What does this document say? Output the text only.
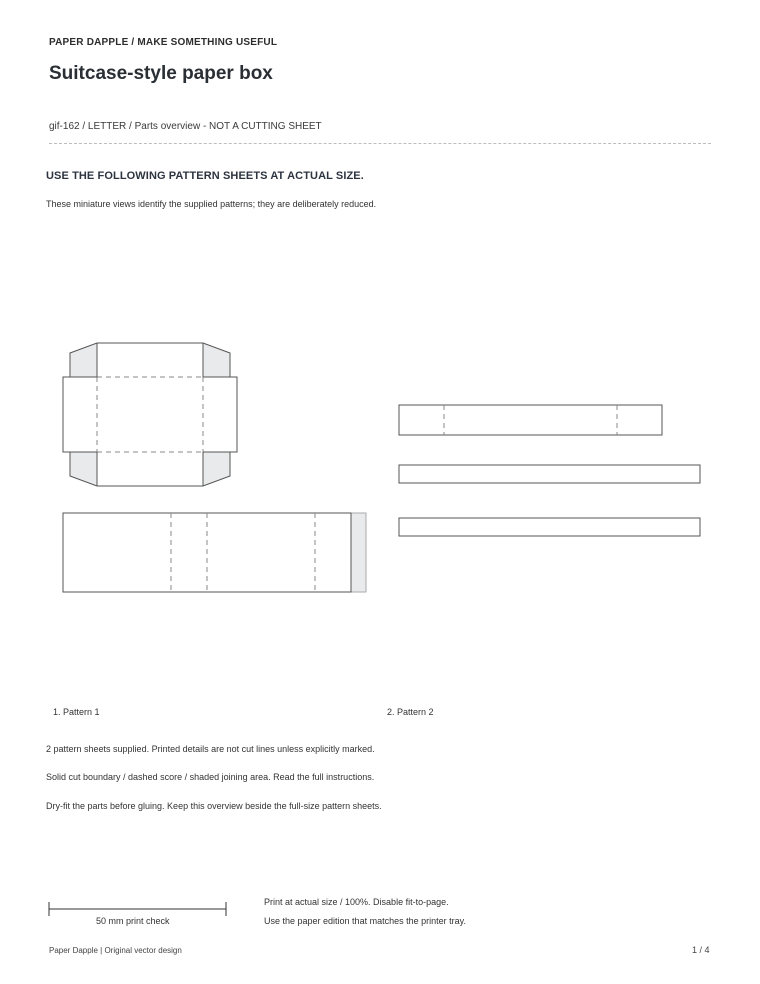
PAPER DAPPLE / MAKE SOMETHING USEFUL
Suitcase-style paper box
gif-162 / LETTER / Parts overview - NOT A CUTTING SHEET
USE THE FOLLOWING PATTERN SHEETS AT ACTUAL SIZE.
These miniature views identify the supplied patterns; they are deliberately reduced.
1. Pattern 1	2. Pattern 2
2 pattern sheets supplied. Printed details are not cut lines unless explicitly marked.
Solid cut boundary / dashed score / shaded joining area. Read the full instructions.
Dry-fit the parts before gluing. Keep this overview beside the full-size pattern sheets.
50 mm print check
Print at actual size / 100%. Disable fit-to-page.
Use the paper edition that matches the printer tray.
Paper Dapple | Original vector design	1 / 4
